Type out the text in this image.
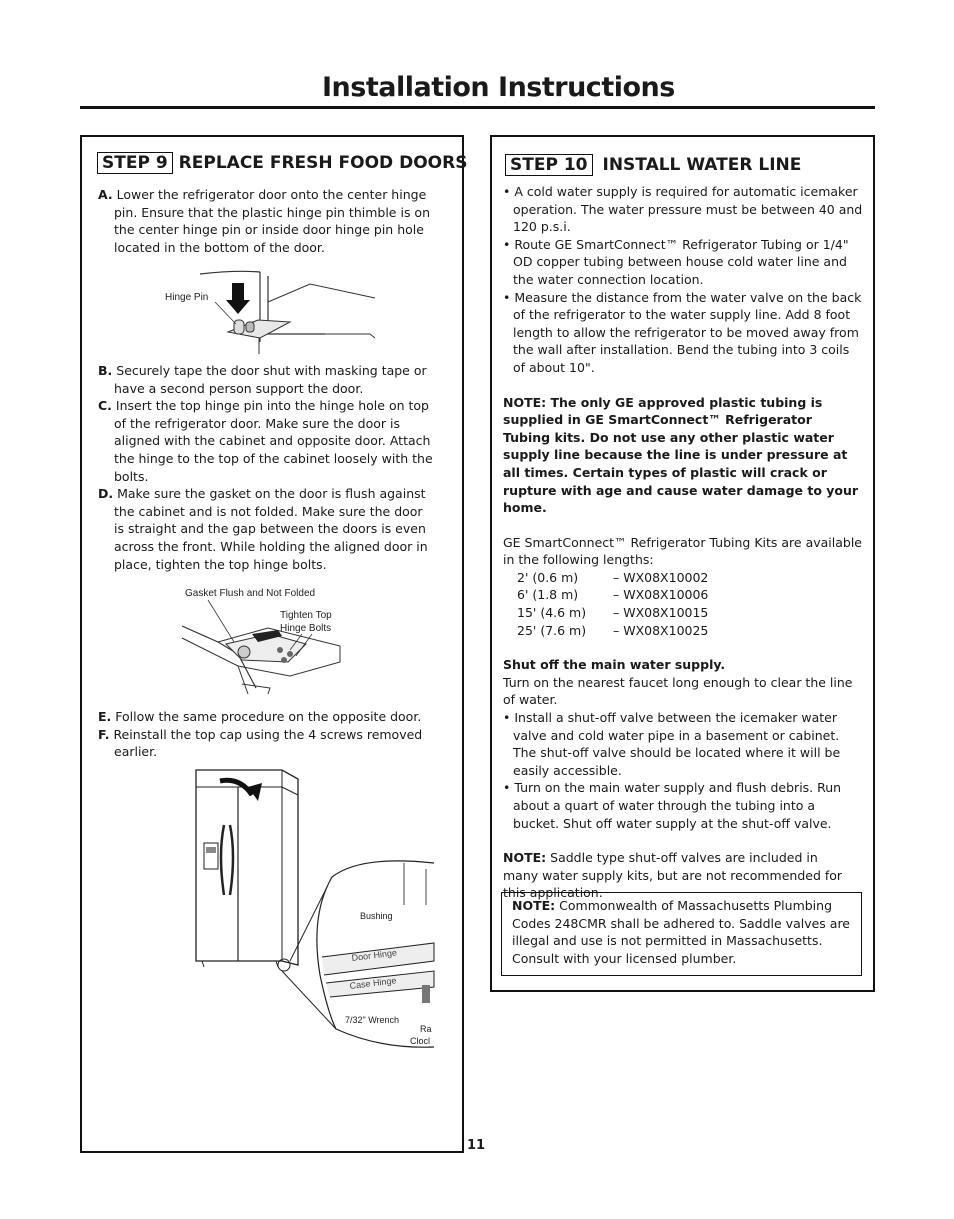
Installation Instructions
STEP 9 REPLACE FRESH FOOD DOORS

A. Lower the refrigerator door onto the center hinge pin. Ensure that the plastic hinge pin thimble is on the center hinge pin or inside door hinge pin hole located in the bottom of the door.

Hinge Pin

B. Securely tape the door shut with masking tape or have a second person support the door.

C. Insert the top hinge pin into the hinge hole on top of the refrigerator door. Make sure the door is aligned with the cabinet and opposite door. Attach the hinge to the top of the cabinet loosely with the bolts.

D. Make sure the gasket on the door is flush against the cabinet and is not folded. Make sure the door is straight and the gap between the doors is even across the front. While holding the aligned door in place, tighten the top hinge bolts.

Gasket Flush and Not Folded
Tighten Top
Hinge Bolts

E. Follow the same procedure on the opposite door.

F. Reinstall the top cap using the 4 screws removed earlier.

Bushing
Door Hinge
Case Hinge
7/32" Wrench
Ra
Clocl
STEP 10 INSTALL WATER LINE

• A cold water supply is required for automatic icemaker operation. The water pressure must be between 40 and 120 p.s.i.

• Route GE SmartConnect™ Refrigerator Tubing or 1/4" OD copper tubing between house cold water line and the water connection location.

• Measure the distance from the water valve on the back of the refrigerator to the water supply line. Add 8 foot length to allow the refrigerator to be moved away from the wall after installation. Bend the tubing into 3 coils of about 10".

NOTE: The only GE approved plastic tubing is supplied in GE SmartConnect™ Refrigerator Tubing kits. Do not use any other plastic water supply line because the line is under pressure at all times. Certain types of plastic will crack or rupture with age and cause water damage to your home.

GE SmartConnect™ Refrigerator Tubing Kits are available in the following lengths:

2' (0.6 m)	– WX08X10002
6' (1.8 m)	– WX08X10006
15' (4.6 m)	– WX08X10015
25' (7.6 m)	– WX08X10025

Shut off the main water supply.

Turn on the nearest faucet long enough to clear the line of water.

• Install a shut-off valve between the icemaker water valve and cold water pipe in a basement or cabinet. The shut-off valve should be located where it will be easily accessible.

• Turn on the main water supply and flush debris. Run about a quart of water through the tubing into a bucket. Shut off water supply at the shut-off valve.

NOTE: Saddle type shut-off valves are included in many water supply kits, but are not recommended for this application.

NOTE: Commonwealth of Massachusetts Plumbing Codes 248CMR shall be adhered to. Saddle valves are illegal and use is not permitted in Massachusetts. Consult with your licensed plumber.
11
